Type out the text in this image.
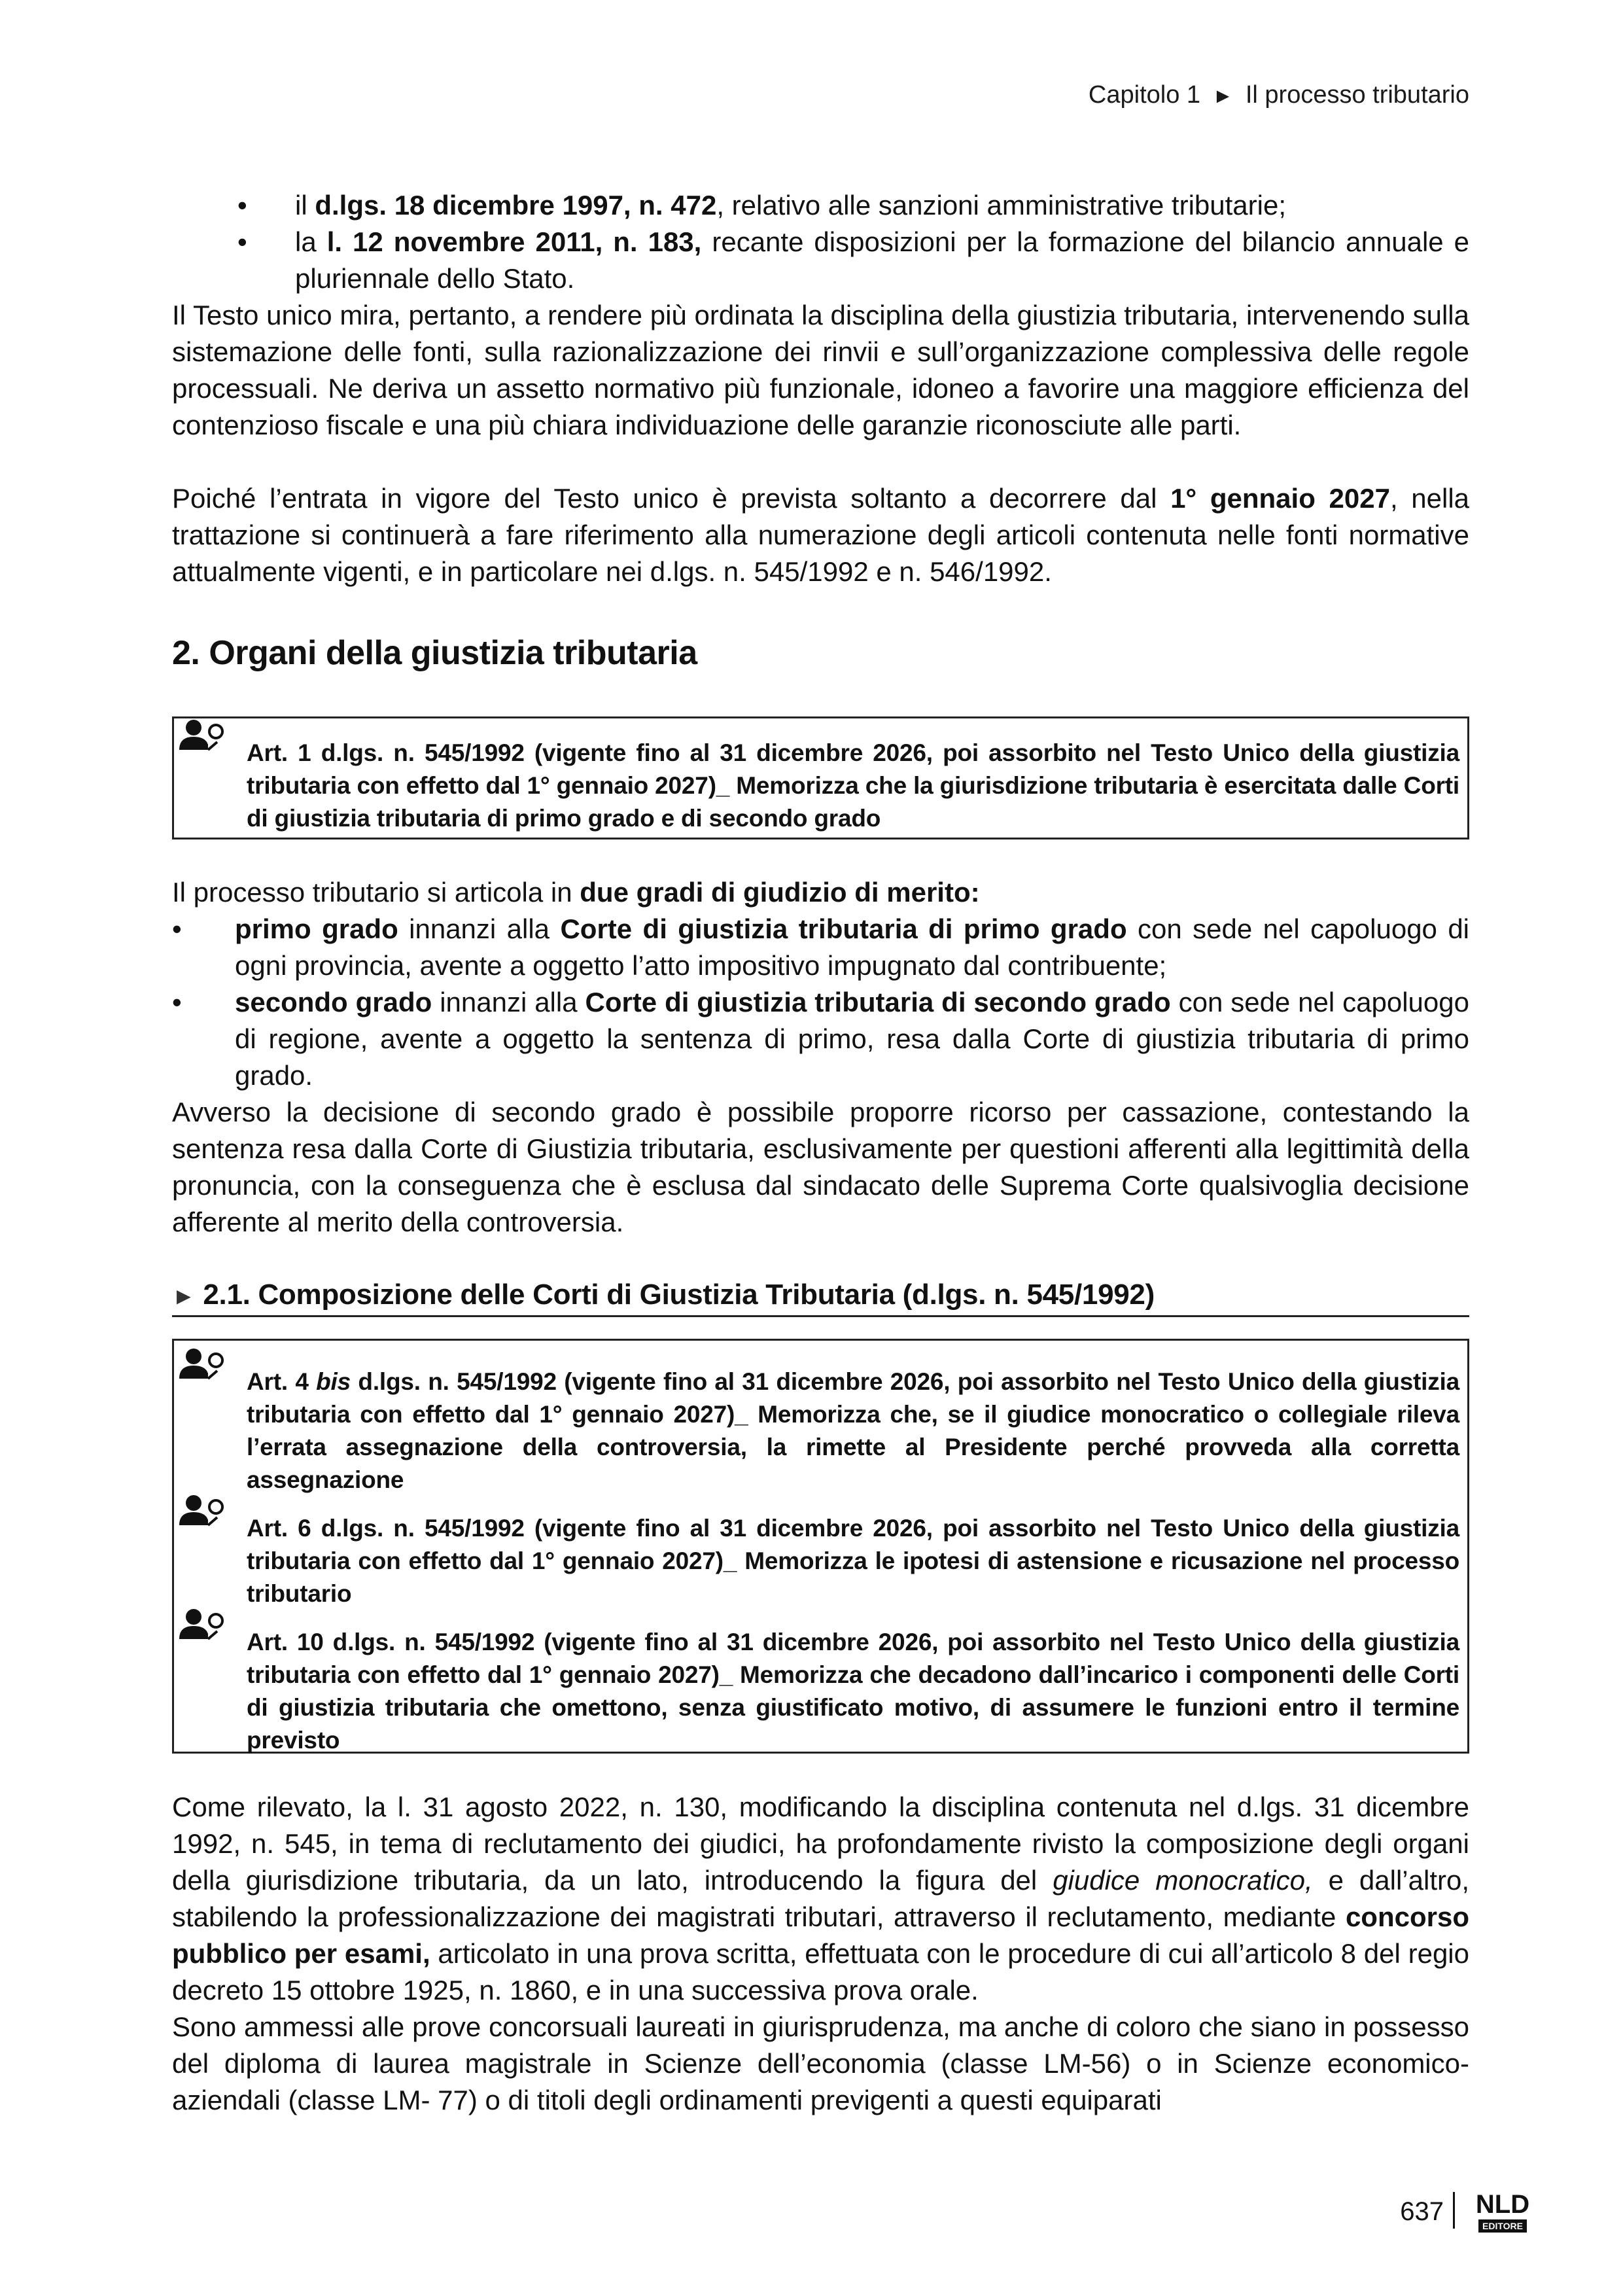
Capitolo 1 ► Il processo tributario
• il d.lgs. 18 dicembre 1997, n. 472, relativo alle sanzioni amministrative tributarie;
• la l. 12 novembre 2011, n. 183, recante disposizioni per la formazione del bilancio annuale e pluriennale dello Stato.

Il Testo unico mira, pertanto, a rendere più ordinata la disciplina della giustizia tributaria, intervenendo sulla sistemazione delle fonti, sulla razionalizzazione dei rinvii e sull’organizzazione complessiva delle regole processuali. Ne deriva un assetto normativo più funzionale, idoneo a favorire una maggiore efficienza del contenzioso fiscale e una più chiara individuazione delle garanzie riconosciute alle parti.

Poiché l’entrata in vigore del Testo unico è prevista soltanto a decorrere dal 1° gennaio 2027, nella trattazione si continuerà a fare riferimento alla numerazione degli articoli contenuta nelle fonti normative attualmente vigenti, e in particolare nei d.lgs. n. 545/1992 e n. 546/1992.

2. Organi della giustizia tributaria
Art. 1 d.lgs. n. 545/1992 (vigente fino al 31 dicembre 2026, poi assorbito nel Testo Unico della giustizia tributaria con effetto dal 1° gennaio 2027)_ Memorizza che la giurisdizione tributaria è esercitata dalle Corti di giustizia tributaria di primo grado e di secondo grado

Il processo tributario si articola in due gradi di giudizio di merito:

• primo grado innanzi alla Corte di giustizia tributaria di primo grado con sede nel capoluogo di ogni provincia, avente a oggetto l’atto impositivo impugnato dal contribuente;
• secondo grado innanzi alla Corte di giustizia tributaria di secondo grado con sede nel capoluogo di regione, avente a oggetto la sentenza di primo, resa dalla Corte di giustizia tributaria di primo grado.

Avverso la decisione di secondo grado è possibile proporre ricorso per cassazione, contestando la sentenza resa dalla Corte di Giustizia tributaria, esclusivamente per questioni afferenti alla legittimità della pronuncia, con la conseguenza che è esclusa dal sindacato delle Suprema Corte qualsivoglia decisione afferente al merito della controversia.

► 2.1. Composizione delle Corti di Giustizia Tributaria (d.lgs. n. 545/1992)
Art. 4 bis d.lgs. n. 545/1992 (vigente fino al 31 dicembre 2026, poi assorbito nel Testo Unico della giustizia tributaria con effetto dal 1° gennaio 2027)_ Memorizza che, se il giudice monocratico o collegiale rileva l’errata assegnazione della controversia, la rimette al Presidente perché provveda alla corretta assegnazione
Art. 6 d.lgs. n. 545/1992 (vigente fino al 31 dicembre 2026, poi assorbito nel Testo Unico della giustizia tributaria con effetto dal 1° gennaio 2027)_ Memorizza le ipotesi di astensione e ricusazione nel processo tributario
Art. 10 d.lgs. n. 545/1992 (vigente fino al 31 dicembre 2026, poi assorbito nel Testo Unico della giustizia tributaria con effetto dal 1° gennaio 2027)_ Memorizza che decadono dall’incarico i componenti delle Corti di giustizia tributaria che omettono, senza giustificato motivo, di assumere le funzioni entro il termine previsto

Come rilevato, la l. 31 agosto 2022, n. 130, modificando la disciplina contenuta nel d.lgs. 31 dicembre 1992, n. 545, in tema di reclutamento dei giudici, ha profondamente rivisto la composizione degli organi della giurisdizione tributaria, da un lato, introducendo la figura del giudice monocratico, e dall’altro, stabilendo la professionalizzazione dei magistrati tributari, attraverso il reclutamento, mediante concorso pubblico per esami, articolato in una prova scritta, effettuata con le procedure di cui all’articolo 8 del regio decreto 15 ottobre 1925, n. 1860, e in una successiva prova orale.

Sono ammessi alle prove concorsuali laureati in giurisprudenza, ma anche di coloro che siano in possesso del diploma di laurea magistrale in Scienze dell’economia (classe LM-56) o in Scienze economico-aziendali (classe LM- 77) o di titoli degli ordinamenti previgenti a questi equiparati

637 NLD
EDITORE
